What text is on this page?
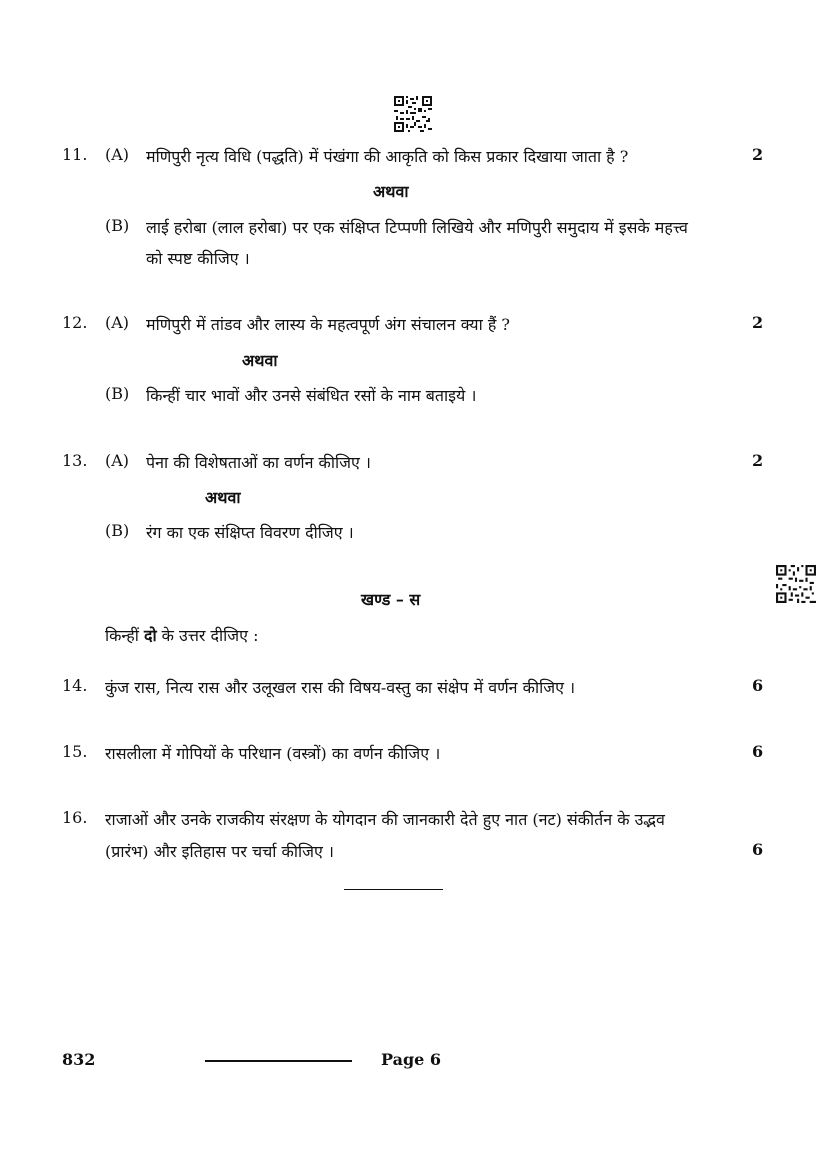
11. (A) मणिपुरी नृत्य विधि (पद्धति) में पंखंगा की आकृति को किस प्रकार दिखाया जाता है ?	2
अथवा
(B) लाई हरोबा (लाल हरोबा) पर एक संक्षिप्त टिप्पणी लिखिये और मणिपुरी समुदाय में इसके महत्त्व
को स्पष्ट कीजिए ।
12. (A) मणिपुरी में तांडव और लास्य के महत्वपूर्ण अंग संचालन क्या हैं ?	2
अथवा
(B) किन्हीं चार भावों और उनसे संबंधित रसों के नाम बताइये ।
13. (A) पेना की विशेषताओं का वर्णन कीजिए ।	2
अथवा
(B) रंग का एक संक्षिप्त विवरण दीजिए ।
खण्ड – स
किन्हीं दो के उत्तर दीजिए :
14. कुंज रास, नित्य रास और उलूखल रास की विषय-वस्तु का संक्षेप में वर्णन कीजिए ।	6
15. रासलीला में गोपियों के परिधान (वस्त्रों) का वर्णन कीजिए ।	6
16. राजाओं और उनके राजकीय संरक्षण के योगदान की जानकारी देते हुए नात (नट) संकीर्तन के उद्भव
(प्रारंभ) और इतिहास पर चर्चा कीजिए ।	6
832	Page 6
